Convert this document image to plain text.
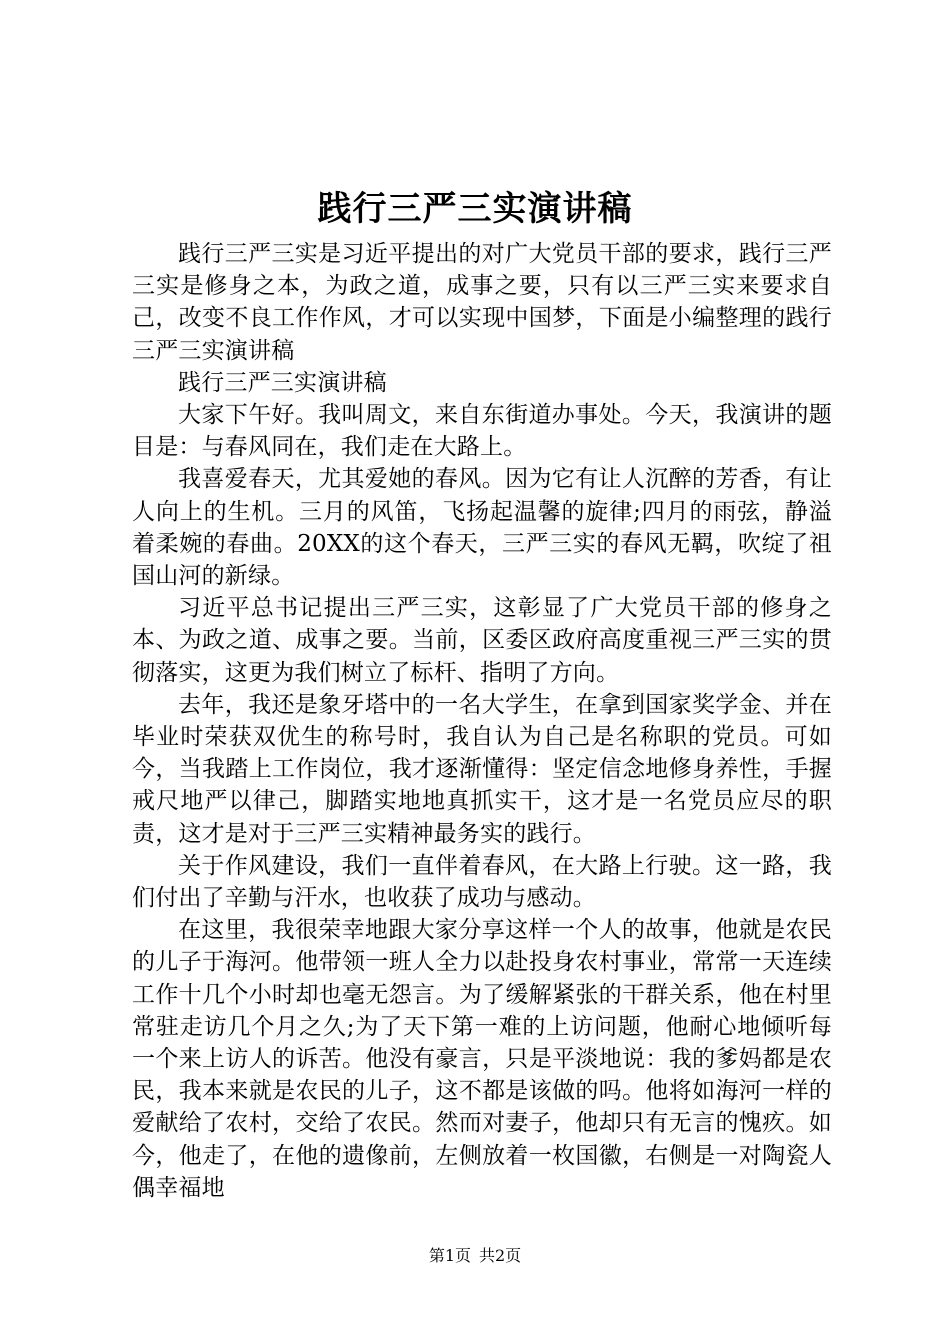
践行三严三实演讲稿

践行三严三实是习近平提出的对广大党员干部的要求，践行三严三实是修身之本，为政之道，成事之要，只有以三严三实来要求自己，改变不良工作作风，才可以实现中国梦，下面是小编整理的践行三严三实演讲稿

践行三严三实演讲稿

大家下午好。我叫周文，来自东街道办事处。今天，我演讲的题目是：与春风同在，我们走在大路上。

我喜爱春天，尤其爱她的春风。因为它有让人沉醉的芳香，有让人向上的生机。三月的风笛，飞扬起温馨的旋律;四月的雨弦，静溢着柔婉的春曲。20XX的这个春天，三严三实的春风无羁，吹绽了祖国山河的新绿。

习近平总书记提出三严三实，这彰显了广大党员干部的修身之本、为政之道、成事之要。当前，区委区政府高度重视三严三实的贯彻落实，这更为我们树立了标杆、指明了方向。

去年，我还是象牙塔中的一名大学生，在拿到国家奖学金、并在毕业时荣获双优生的称号时，我自认为自己是名称职的党员。可如今，当我踏上工作岗位，我才逐渐懂得：坚定信念地修身养性，手握戒尺地严以律己，脚踏实地地真抓实干，这才是一名党员应尽的职责，这才是对于三严三实精神最务实的践行。

关于作风建设，我们一直伴着春风，在大路上行驶。这一路，我们付出了辛勤与汗水，也收获了成功与感动。

在这里，我很荣幸地跟大家分享这样一个人的故事，他就是农民的儿子于海河。他带领一班人全力以赴投身农村事业，常常一天连续工作十几个小时却也毫无怨言。为了缓解紧张的干群关系，他在村里常驻走访几个月之久;为了天下第一难的上访问题，他耐心地倾听每一个来上访人的诉苦。他没有豪言，只是平淡地说：我的爹妈都是农民，我本来就是农民的儿子，这不都是该做的吗。他将如海河一样的爱献给了农村，交给了农民。然而对妻子，他却只有无言的愧疚。如今，他走了，在他的遗像前，左侧放着一枚国徽，右侧是一对陶瓷人偶幸福地

第1页 共2页
